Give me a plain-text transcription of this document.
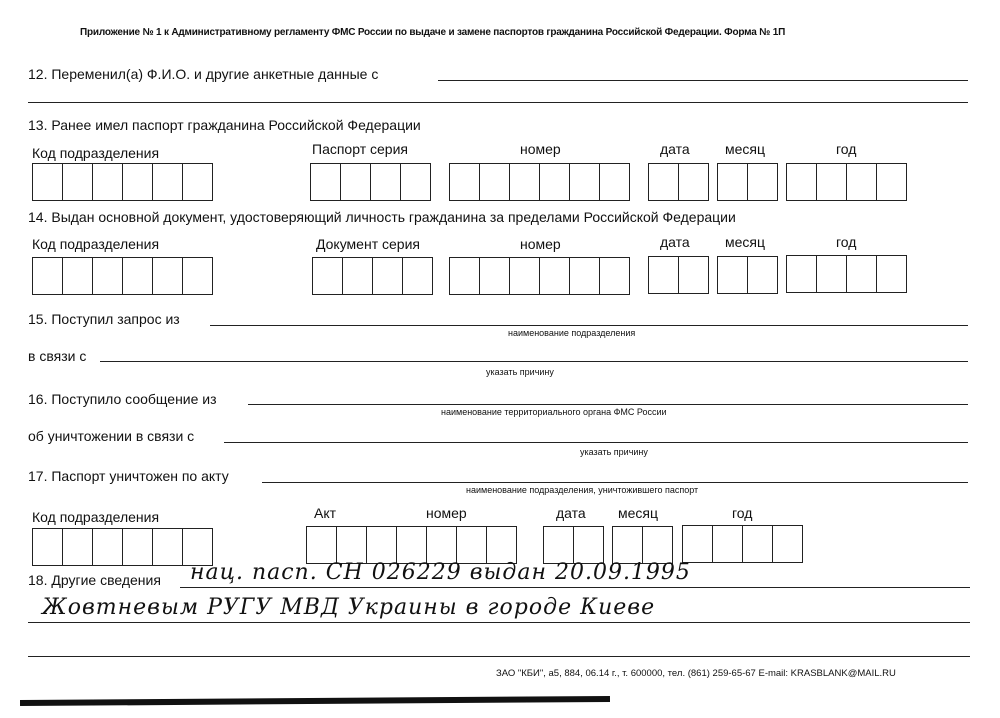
Приложение № 1 к Административному регламенту ФМС России по выдаче и замене паспортов гражданина Российской Федерации. Форма № 1П
12. Переменил(а) Ф.И.О. и другие анкетные данные с
13. Ранее имел паспорт гражданина Российской Федерации
Код подразделения	Паспорт серия	номер	дата	месяц	год
14. Выдан основной документ, удостоверяющий личность гражданина за пределами Российской Федерации
Код подразделения	Документ серия	номер	дата	месяц	год
15. Поступил запрос из
наименование подразделения
в связи с
указать причину
16. Поступило сообщение из
наименование территориального органа ФМС России
об уничтожении в связи с
указать причину
17. Паспорт уничтожен по акту
наименование подразделения, уничтожившего паспорт
Код подразделения	Акт	номер	дата месяц	год
18. Другие сведения нац. пасп. СН 026229 выдан 20.09.1995
Жовтневым РУГУ МВД Украины в городе Киеве
ЗАО "КБИ", а5, 884, 06.14 г., т. 600000, тел. (861) 259-65-67 E-mail: KRASBLANK@MAIL.RU
